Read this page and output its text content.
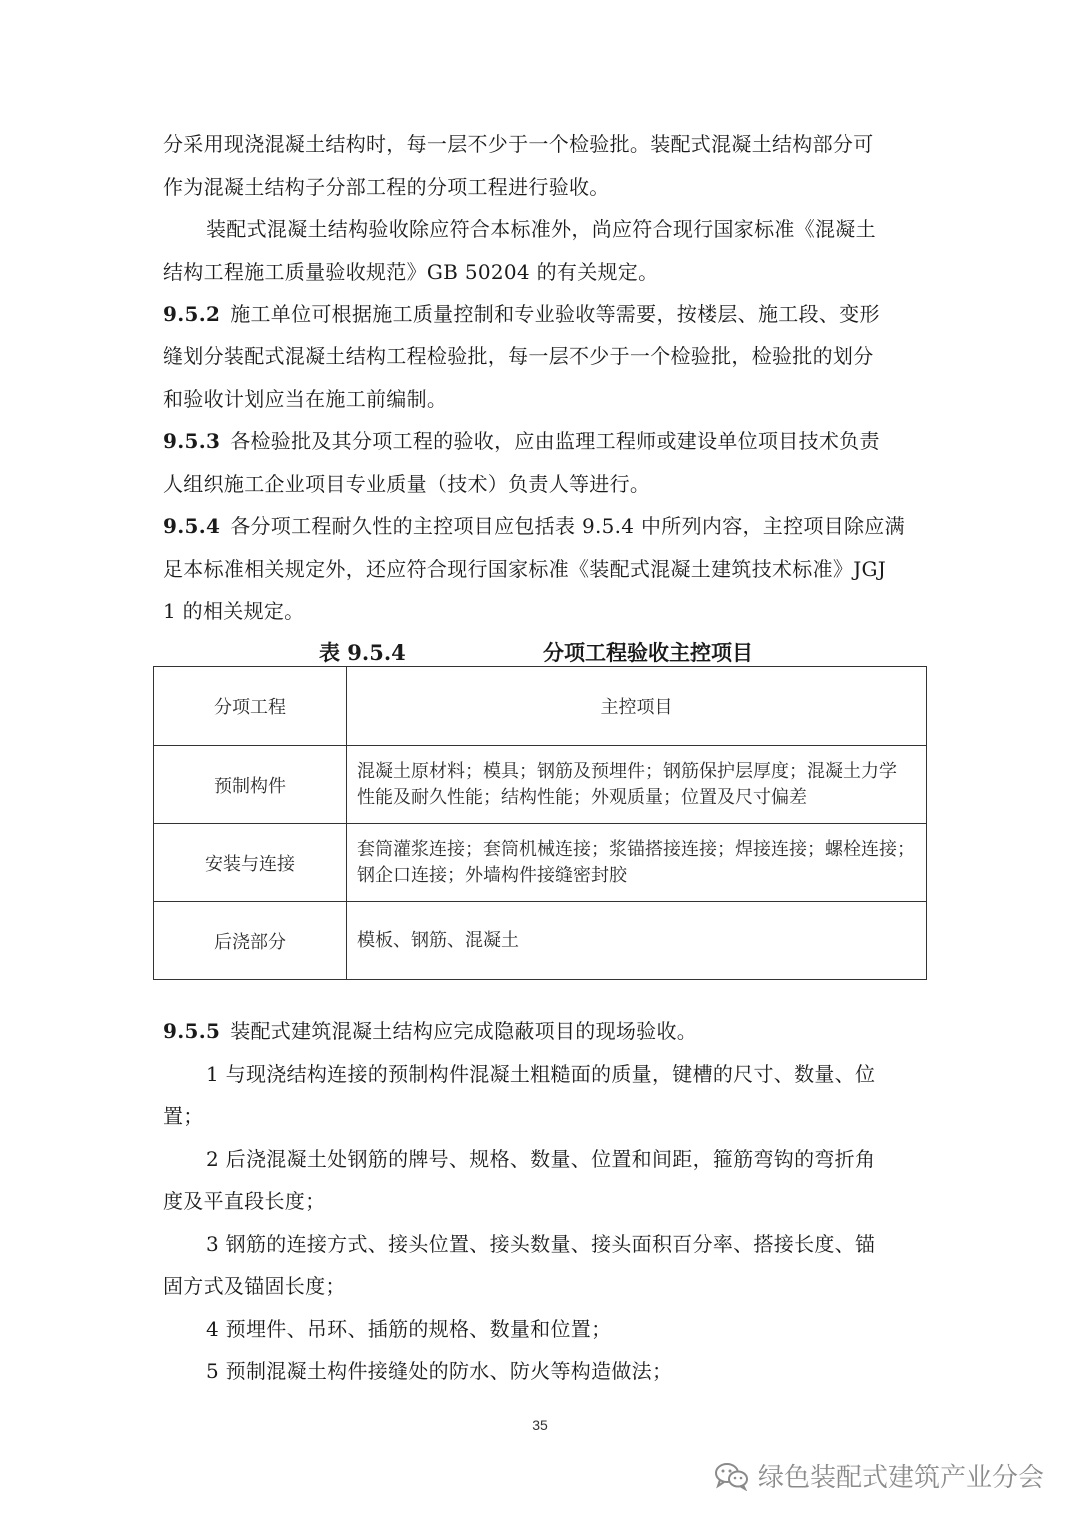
分采用现浇混凝土结构时，每一层不少于一个检验批。装配式混凝土结构部分可
作为混凝土结构子分部工程的分项工程进行验收。
装配式混凝土结构验收除应符合本标准外，尚应符合现行国家标准《混凝土
结构工程施工质量验收规范》GB 50204 的有关规定。
9.5.2 施工单位可根据施工质量控制和专业验收等需要，按楼层、施工段、变形
缝划分装配式混凝土结构工程检验批，每一层不少于一个检验批，检验批的划分
和验收计划应当在施工前编制。
9.5.3 各检验批及其分项工程的验收，应由监理工程师或建设单位项目技术负责
人组织施工企业项目专业质量（技术）负责人等进行。
9.5.4 各分项工程耐久性的主控项目应包括表 9.5.4 中所列内容，主控项目除应满
足本标准相关规定外，还应符合现行国家标准《装配式混凝土建筑技术标准》JGJ
1 的相关规定。
表 9.5.4	分项工程验收主控项目
分项工程	主控项目
预制构件	混凝土原材料；模具；钢筋及预埋件；钢筋保护层厚度；混凝土力学
性能及耐久性能；结构性能；外观质量；位置及尺寸偏差

安装与连接	套筒灌浆连接；套筒机械连接；浆锚搭接连接；焊接连接；螺栓连接；
钢企口连接；外墙构件接缝密封胶

后浇部分	模板、钢筋、混凝土
9.5.5 装配式建筑混凝土结构应完成隐蔽项目的现场验收。
1 与现浇结构连接的预制构件混凝土粗糙面的质量，键槽的尺寸、数量、位
置；
2 后浇混凝土处钢筋的牌号、规格、数量、位置和间距，箍筋弯钩的弯折角
度及平直段长度；
3 钢筋的连接方式、接头位置、接头数量、接头面积百分率、搭接长度、锚
固方式及锚固长度；
4 预埋件、吊环、插筋的规格、数量和位置；
5 预制混凝土构件接缝处的防水、防火等构造做法；
35
绿色装配式建筑产业分会
